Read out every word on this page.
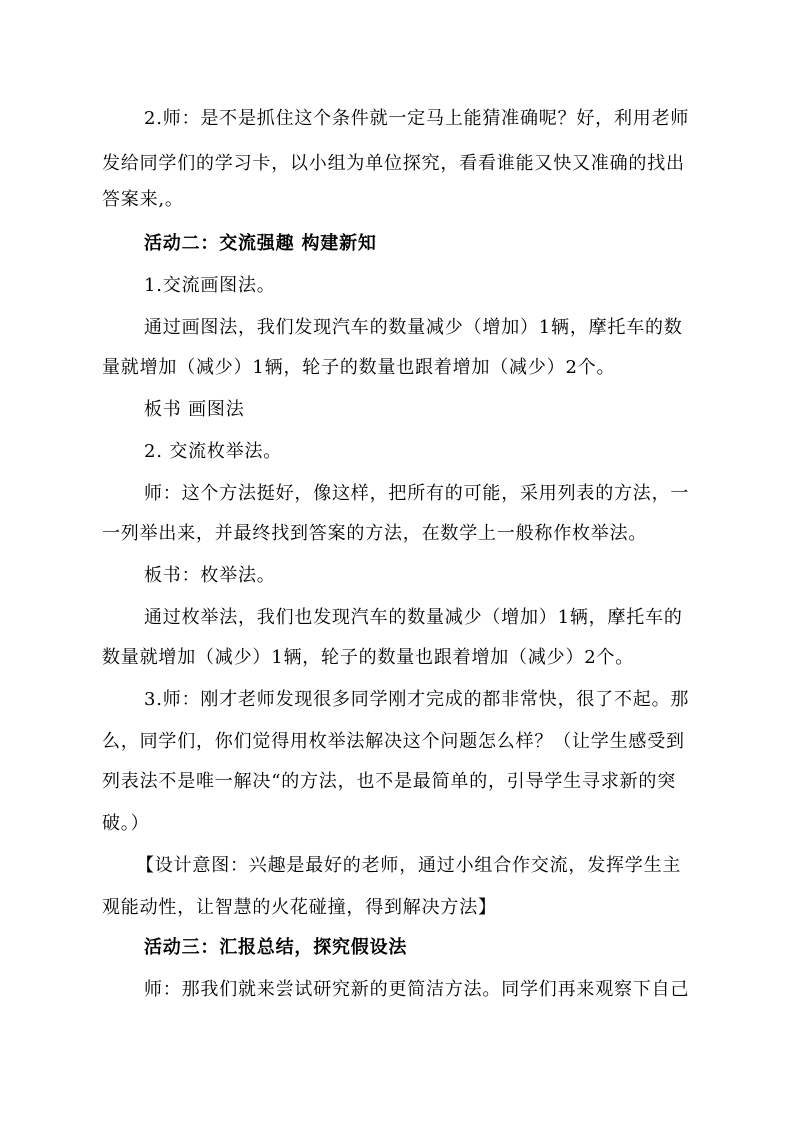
2.师：是不是抓住这个条件就一定马上能猜准确呢？好，利用老师
发给同学们的学习卡，以小组为单位探究，看看谁能又快又准确的找出
答案来,。
活动二：交流强趣 构建新知
1.交流画图法。
通过画图法，我们发现汽车的数量减少（增加）1辆，摩托车的数
量就增加（减少）1辆，轮子的数量也跟着增加（减少）2个。
板书 画图法
2. 交流枚举法。
师：这个方法挺好，像这样，把所有的可能，采用列表的方法，一
一列举出来，并最终找到答案的方法，在数学上一般称作枚举法。
板书：枚举法。
通过枚举法，我们也发现汽车的数量减少（增加）1辆，摩托车的
数量就增加（减少）1辆，轮子的数量也跟着增加（减少）2个。
3.师：刚才老师发现很多同学刚才完成的都非常快，很了不起。那
么，同学们，你们觉得用枚举法解决这个问题怎么样？（让学生感受到
列表法不是唯一解决“的方法，也不是最简单的，引导学生寻求新的突
破。）
【设计意图：兴趣是最好的老师，通过小组合作交流，发挥学生主
观能动性，让智慧的火花碰撞，得到解决方法】
活动三：汇报总结，探究假设法
师：那我们就来尝试研究新的更简洁方法。同学们再来观察下自己
